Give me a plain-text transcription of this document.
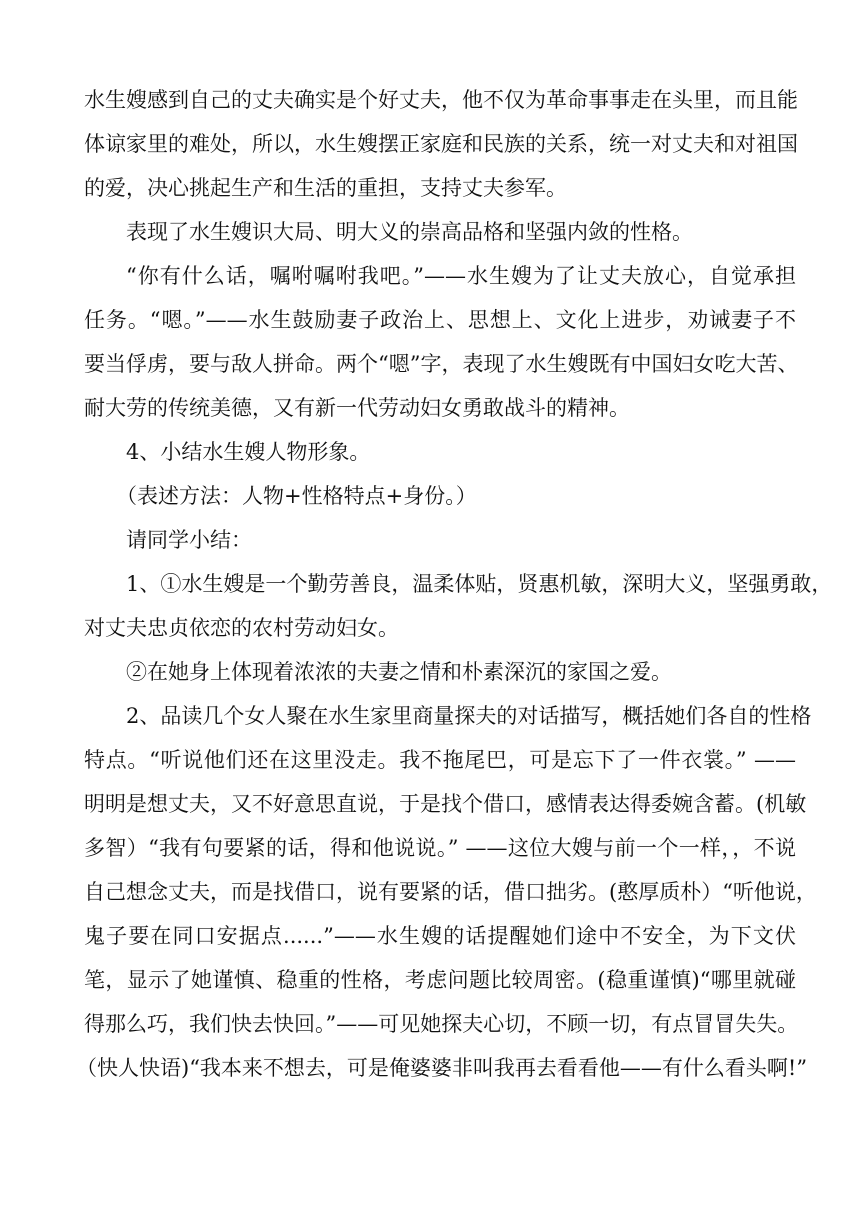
水生嫂感到自己的丈夫确实是个好丈夫，他不仅为革命事事走在头里，而且能
体谅家里的难处，所以，水生嫂摆正家庭和民族的关系，统一对丈夫和对祖国
的爱，决心挑起生产和生活的重担，支持丈夫参军。
表现了水生嫂识大局、明大义的崇高品格和坚强内敛的性格。
“你有什么话，嘱咐嘱咐我吧。”——水生嫂为了让丈夫放心，自觉承担
任务。“嗯。”——水生鼓励妻子政治上、思想上、文化上进步，劝诫妻子不
要当俘虏，要与敌人拼命。两个“嗯”字，表现了水生嫂既有中国妇女吃大苦、
耐大劳的传统美德，又有新一代劳动妇女勇敢战斗的精神。
4、小结水生嫂人物形象。
（表述方法：人物+性格特点+身份。）
请同学小结：
1、①水生嫂是一个勤劳善良，温柔体贴，贤惠机敏，深明大义，坚强勇敢，
对丈夫忠贞依恋的农村劳动妇女。
②在她身上体现着浓浓的夫妻之情和朴素深沉的家国之爱。
2、品读几个女人聚在水生家里商量探夫的对话描写，概括她们各自的性格
特点。“听说他们还在这里没走。我不拖尾巴，可是忘下了一件衣裳。” ——
明明是想丈夫，又不好意思直说，于是找个借口，感情表达得委婉含蓄。(机敏
多智）“我有句要紧的话，得和他说说。” ——这位大嫂与前一个一样，，不说
自己想念丈夫，而是找借口，说有要紧的话，借口拙劣。(憨厚质朴）“听他说，
鬼子要在同口安据点......”——水生嫂的话提醒她们途中不安全，为下文伏
笔，显示了她谨慎、稳重的性格，考虑问题比较周密。(稳重谨慎)“哪里就碰
得那么巧，我们快去快回。”——可见她探夫心切，不顾一切，有点冒冒失失。
（快人快语)“我本来不想去，可是俺婆婆非叫我再去看看他——有什么看头啊!”
